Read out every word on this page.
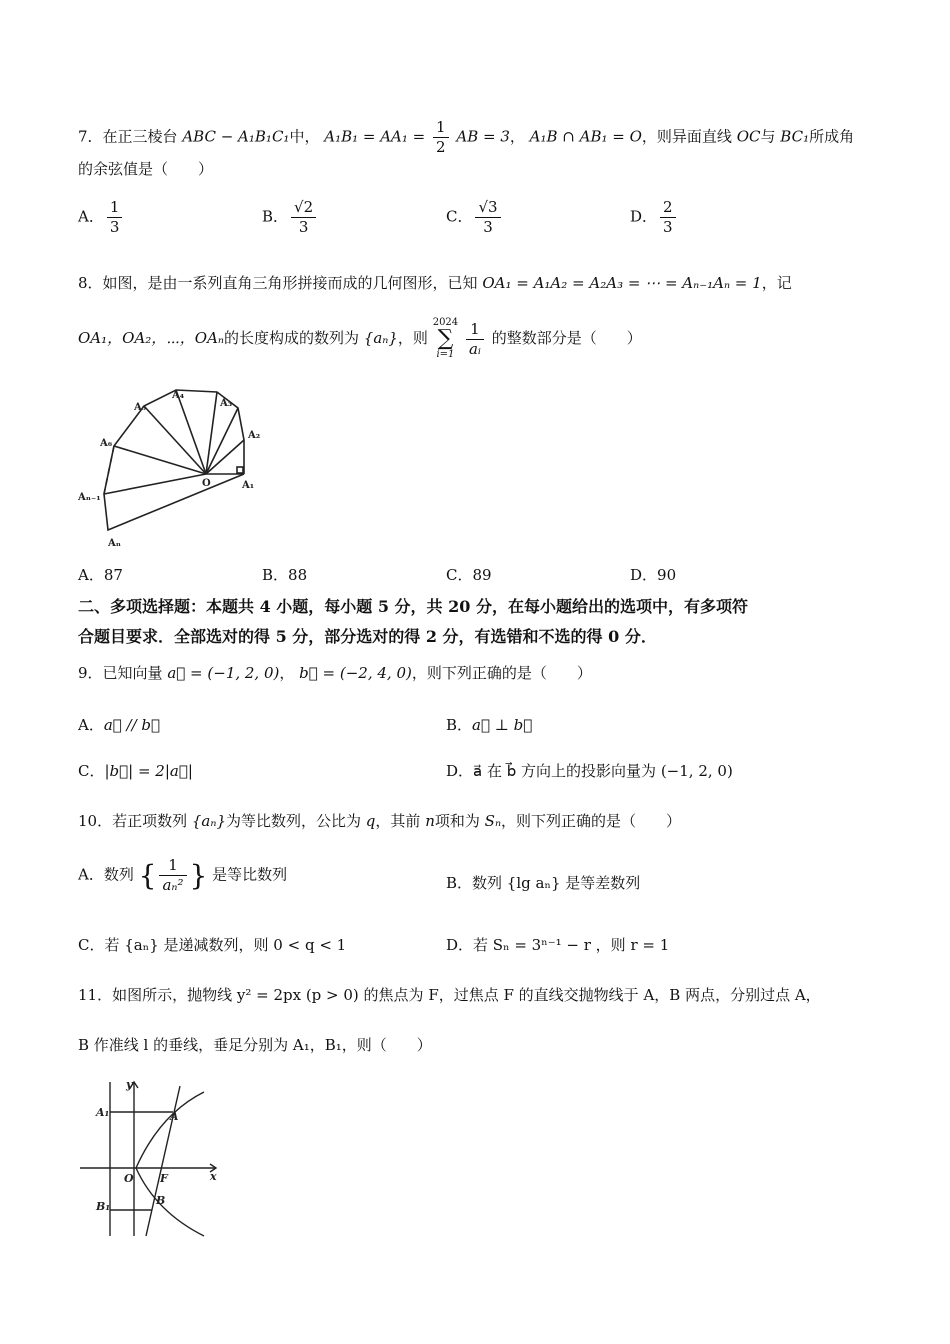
7．在正三棱台 ABC − A₁B₁C₁中， $A_1B_1 = AA_1 = \frac{1}{2}$ AB = 3， A₁B ∩ AB₁ = O，则异面直线 OC与 BC₁所成角
的余弦值是（　　）
A． $\frac{1}{3}$	B． $\frac{√2}{3}$	C． $\frac{√3}{3}$	D． $\frac{2}{3}$
8．如图，是由一系列直角三角形拼接而成的几何图形，已知 OA₁ = A₁A₂ = A₂A₃ = ⋯ = Aₙ₋₁Aₙ = 1，记
OA₁，OA₂，⋯，OAₙ的长度构成的数列为 {aₙ}，则
2024
∑
i=1
$\frac{1}{\text{aᵢ}}$ 的整数部分是（　　）
O	A₁
A₂
A₃
A₄
A₅
A₆
Aₙ₋₁
Aₙ
A．87	B．88	C．89	D．90
二、多项选择题：本题共 4 小题，每小题 5 分，共 20 分，在每小题给出的选项中，有多项符
合题目要求．全部选对的得 5 分，部分选对的得 2 分，有选错和不选的得 0 分．
9．已知向量 a⃗ = (−1, 2, 0)， b⃗ = (−2, 4, 0)，则下列正确的是（　　）
A．a⃗ // b⃗	B．a⃗ ⊥ b⃗
C．|b⃗| = 2|a⃗|	D．a⃗ 在 b⃗ 方向上的投影向量为 (−1, 2, 0)
10．若正项数列 {aₙ}为等比数列，公比为 q，其前 n项和为 Sₙ，则下列正确的是（　　）
A．数列 { $\frac{1}{\text{aₙ²}}$ } 是等比数列	B．数列 {lg aₙ} 是等差数列
C．若 {aₙ} 是递减数列，则 0 < q < 1	D．若 Sₙ = 3ⁿ⁻¹ − r ，则 r = 1
11．如图所示，抛物线 y² = 2px (p > 0) 的焦点为 F，过焦点 F 的直线交抛物线于 A，B 两点，分别过点 A，
B 作准线 l 的垂线，垂足分别为 A₁，B₁，则（　　）
y
x
O F
A
B
A₁
B₁
